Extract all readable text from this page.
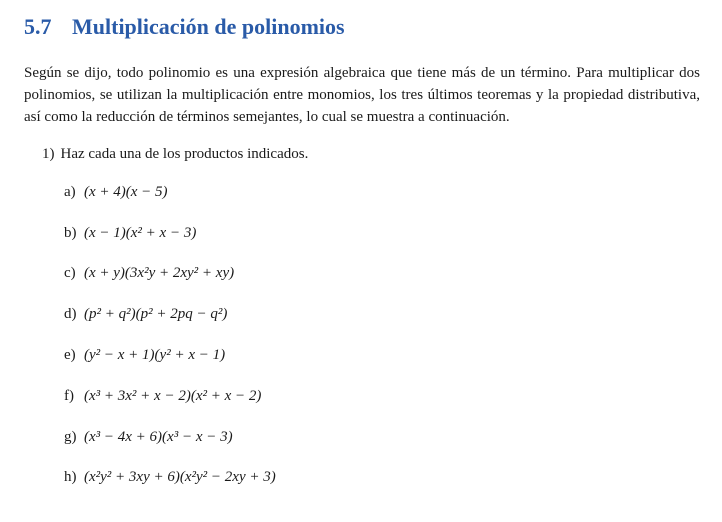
5.7 Multiplicación de polinomios

Según se dijo, todo polinomio es una expresión algebraica que tiene más de un término. Para multiplicar dos polinomios, se utilizan la multiplicación entre monomios, los tres últimos teoremas y la propiedad distributiva, así como la reducción de términos semejantes, lo cual se muestra a continuación.

1) Haz cada una de los productos indicados.

a) (x + 4)(x − 5)

b) (x − 1)(x² + x − 3)

c) (x + y)(3x²y + 2xy² + xy)

d) (p² + q²)(p² + 2pq − q²)

e) (y² − x + 1)(y² + x − 1)

f) (x³ + 3x² + x − 2)(x² + x − 2)

g) (x³ − 4x + 6)(x³ − x − 3)

h) (x²y² + 3xy + 6)(x²y² − 2xy + 3)
